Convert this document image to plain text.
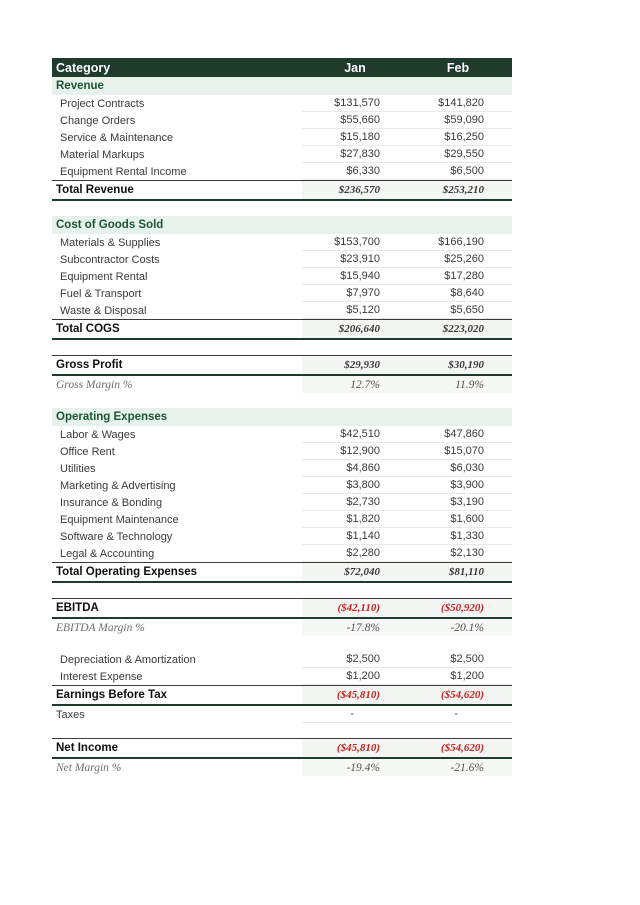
Category	Jan	Feb
Revenue
Project Contracts	$131,570	$141,820
Change Orders	$55,660	$59,090
Service & Maintenance	$15,180	$16,250
Material Markups	$27,830	$29,550
Equipment Rental Income	$6,330	$6,500
Total Revenue	$236,570	$253,210
Cost of Goods Sold
Materials & Supplies	$153,700	$166,190
Subcontractor Costs	$23,910	$25,260
Equipment Rental	$15,940	$17,280
Fuel & Transport	$7,970	$8,640
Waste & Disposal	$5,120	$5,650
Total COGS	$206,640	$223,020
Gross Profit	$29,930	$30,190
Gross Margin %	12.7%	11.9%
Operating Expenses
Labor & Wages	$42,510	$47,860
Office Rent	$12,900	$15,070
Utilities	$4,860	$6,030
Marketing & Advertising	$3,800	$3,900
Insurance & Bonding	$2,730	$3,190
Equipment Maintenance	$1,820	$1,600
Software & Technology	$1,140	$1,330
Legal & Accounting	$2,280	$2,130
Total Operating Expenses	$72,040	$81,110
EBITDA	($42,110)	($50,920)
EBITDA Margin %	-17.8%	-20.1%
Depreciation & Amortization	$2,500	$2,500
Interest Expense	$1,200	$1,200
Earnings Before Tax	($45,810)	($54,620)
Taxes	-	-
Net Income	($45,810)	($54,620)
Net Margin %	-19.4%	-21.6%
